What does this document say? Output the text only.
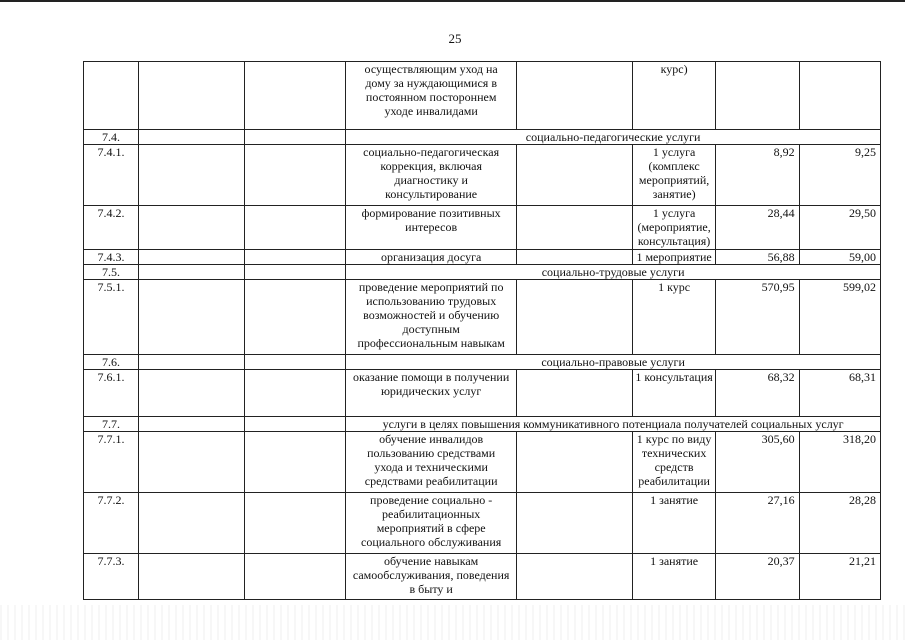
25
			осуществляющим уход на дому за нуждающимися в постоянном постороннем уходе инвалидами		курс)		
7.4.			социально-педагогические услуги				
7.4.1.			социально-педагогическая коррекция, включая диагностику и консультирование		1 услуга (комплекс мероприятий, занятие)	8,92	9,25
7.4.2.			формирование позитивных интересов		1 услуга (мероприятие, консультация)	28,44	29,50
7.4.3.			организация досуга		1 мероприятие	56,88	59,00
7.5.			социально-трудовые услуги				
7.5.1.			проведение мероприятий по использованию трудовых возможностей и обучению доступным профессиональным навыкам		1 курс	570,95	599,02
7.6.			социально-правовые услуги				
7.6.1.			оказание помощи в получении юридических услуг		1 консультация	68,32	68,31
7.7.			услуги в целях повышения коммуникативного потенциала получателей социальных услуг				
7.7.1.			обучение инвалидов пользованию средствами ухода и техническими средствами реабилитации		1 курс по виду технических средств реабилитации	305,60	318,20
7.7.2.			проведение социально - реабилитационных мероприятий в сфере социального обслуживания		1 занятие	27,16	28,28
7.7.3.			обучение навыкам самообслуживания, поведения в быту и		1 занятие	20,37	21,21
